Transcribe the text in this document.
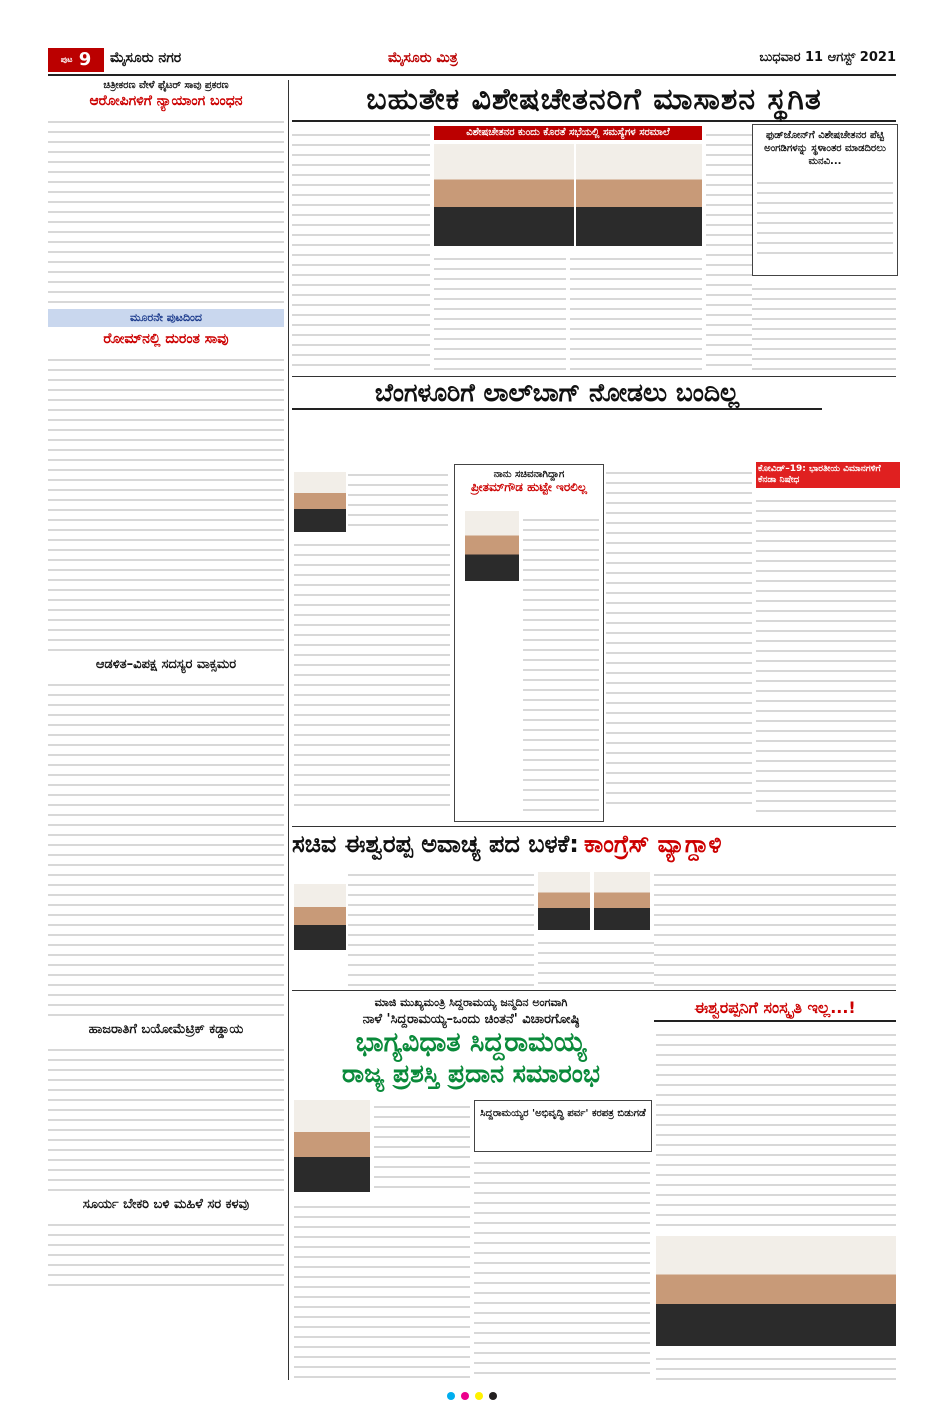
$^{ಪುಟ}$ 9	ಮೈಸೂರು ನಗರ	ಮೈಸೂರು ಮಿತ್ರ	ಬುಧವಾರ 11 ಆಗಸ್ಟ್ 2021
ಚಿತ್ರೀಕರಣ ವೇಳೆ ಫೈಟರ್ ಸಾವು ಪ್ರಕರಣ
ಆರೋಪಿಗಳಿಗೆ ನ್ಯಾಯಾಂಗ ಬಂಧನ
ಮೂರನೇ ಪುಟದಿಂದ
ರೋಮ್‌ನಲ್ಲಿ ದುರಂತ ಸಾವು
ಆಡಳಿತ–ವಿಪಕ್ಷ ಸದಸ್ಯರ ವಾಕ್ಸಮರ
ಹಾಜರಾತಿಗೆ ಬಯೋಮೆಟ್ರಿಕ್ ಕಡ್ಡಾಯ
ಸೂರ್ಯ ಬೇಕರಿ ಬಳಿ ಮಹಿಳೆ ಸರ ಕಳವು
ಬಹುತೇಕ ವಿಶೇಷಚೇತನರಿಗೆ ಮಾಸಾಶನ ಸ್ಥಗಿತ
ವಿಶೇಷಚೇತನರ ಕುಂದು ಕೊರತೆ ಸಭೆಯಲ್ಲಿ ಸಮಸ್ಯೆಗಳ ಸರಮಾಲೆ	ಫುಡ್‌ಜೋನ್‌ಗೆ ವಿಶೇಷಚೇತನರ ಪೆಟ್ಟಿ ಅಂಗಡಿಗಳನ್ನು ಸ್ಥಳಾಂತರ ಮಾಡದಿರಲು ಮನವಿ...
ಬೆಂಗಳೂರಿಗೆ ಲಾಲ್‌ಬಾಗ್ ನೋಡಲು ಬಂದಿಲ್ಲ
ನಾನು ಸಚಿವನಾಗಿದ್ದಾಗ
ಪ್ರೀತಮ್‌ಗೌಡ ಹುಟ್ಟೇ ಇರಲಿಲ್ಲ
ಕೋವಿಡ್–19: ಭಾರತೀಯ ವಿಮಾನಗಳಿಗೆ ಕೆನಡಾ ನಿಷೇಧ
ಸಚಿವ ಈಶ್ವರಪ್ಪ ಅವಾಚ್ಯ ಪದ ಬಳಕೆ: ಕಾಂಗ್ರೆಸ್ ವ್ಯಾಗ್ದಾಳಿ
ಮಾಜಿ ಮುಖ್ಯಮಂತ್ರಿ ಸಿದ್ದರಾಮಯ್ಯ ಜನ್ಮದಿನ ಅಂಗವಾಗಿ
ನಾಳೆ 'ಸಿದ್ದರಾಮಯ್ಯ–ಒಂದು ಚಿಂತನೆ' ವಿಚಾರಗೋಷ್ಠಿ
ಭಾಗ್ಯವಿಧಾತ ಸಿದ್ದರಾಮಯ್ಯ
ರಾಜ್ಯ ಪ್ರಶಸ್ತಿ ಪ್ರದಾನ ಸಮಾರಂಭ
ಸಿದ್ದರಾಮಯ್ಯರ 'ಅಭಿವೃದ್ಧಿ ಪರ್ವ' ಕರಪತ್ರ ಬಿಡುಗಡೆ
ಈಶ್ವರಪ್ಪನಿಗೆ ಸಂಸ್ಕೃತಿ ಇಲ್ಲ...!
